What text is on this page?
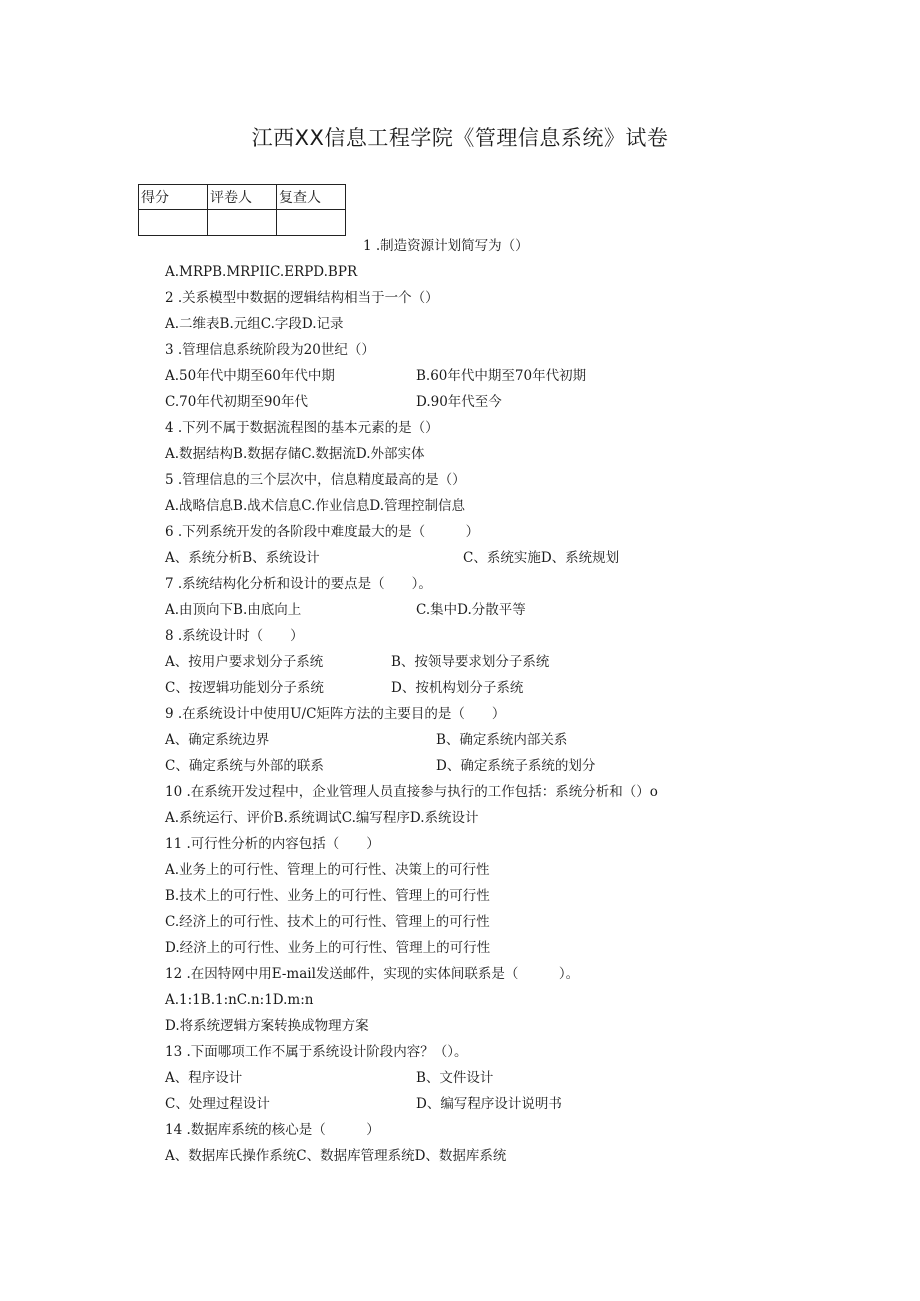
江西XX信息工程学院《管理信息系统》试卷
得分	评卷人	复查人

1 .制造资源计划简写为（）
A.MRPB.MRPIIC.ERPD.BPR
2 .关系模型中数据的逻辑结构相当于一个（）
A.二维表B.元组C.字段D.记录
3 .管理信息系统阶段为20世纪（）
A.50年代中期至60年代中期	B.60年代中期至70年代初期
C.70年代初期至90年代	D.90年代至今
4 .下列不属于数据流程图的基本元素的是（）
A.数据结构B.数据存储C.数据流D.外部实体
5 .管理信息的三个层次中，信息精度最高的是（）
A.战略信息B.战术信息C.作业信息D.管理控制信息
6 .下列系统开发的各阶段中难度最大的是（　　　）
A、系统分析B、系统设计	C、系统实施D、系统规划
7 .系统结构化分析和设计的要点是（　　）。
A.由顶向下B.由底向上	C.集中D.分散平等
8 .系统设计时（　　）
A、按用户要求划分子系统	B、按领导要求划分子系统
C、按逻辑功能划分子系统	D、按机构划分子系统
9 .在系统设计中使用U/C矩阵方法的主要目的是（　　）
A、确定系统边界	B、确定系统内部关系
C、确定系统与外部的联系	D、确定系统子系统的划分
10 .在系统开发过程中，企业管理人员直接参与执行的工作包括：系统分析和（）o
A.系统运行、评价B.系统调试C.编写程序D.系统设计
11 .可行性分析的内容包括（　　）
A.业务上的可行性、管理上的可行性、决策上的可行性
B.技术上的可行性、业务上的可行性、管理上的可行性
C.经济上的可行性、技术上的可行性、管理上的可行性
D.经济上的可行性、业务上的可行性、管理上的可行性
12 .在因特网中用E-mail发送邮件，实现的实体间联系是（　　　）。
A.1:1B.1:nC.n:1D.m:n
D.将系统逻辑方案转换成物理方案
13 .下面哪项工作不属于系统设计阶段内容？（）。
A、程序设计	B、文件设计
C、处理过程设计	D、编写程序设计说明书
14 .数据库系统的核心是（　　　）
A、数据库氏操作系统C、数据库管理系统D、数据库系统
